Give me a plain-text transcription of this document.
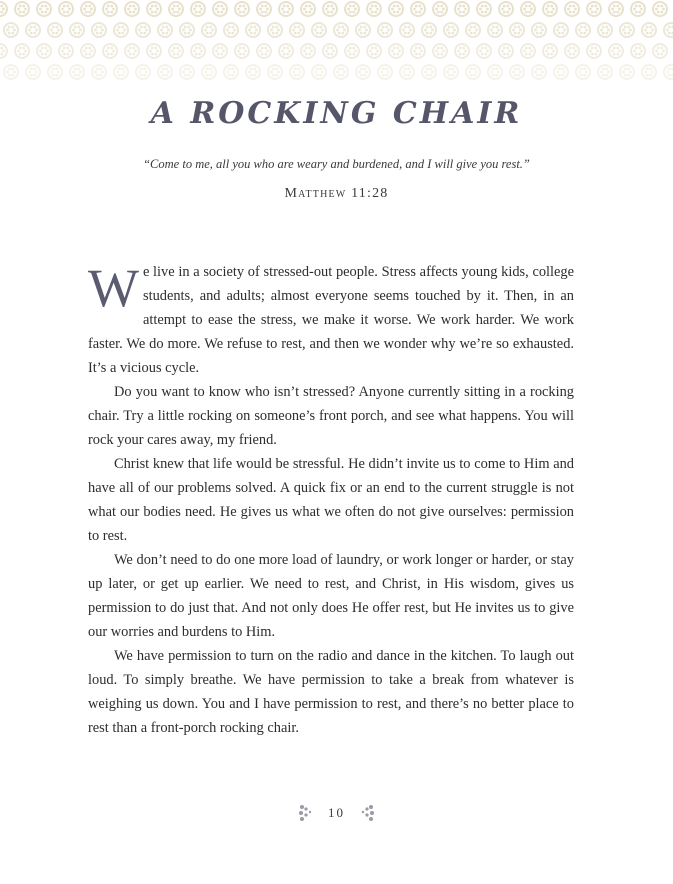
A ROCKING CHAIR
“Come to me, all you who are weary and burdened, and I will give you rest.”
Matthew 11:28

We live in a society of stressed-out people. Stress affects young kids, college students, and adults; almost everyone seems touched by it. Then, in an attempt to ease the stress, we make it worse. We work harder. We work faster. We do more. We refuse to rest, and then we wonder why we’re so exhausted. It’s a vicious cycle.

Do you want to know who isn’t stressed? Anyone currently sitting in a rocking chair. Try a little rocking on someone’s front porch, and see what happens. You will rock your cares away, my friend.

Christ knew that life would be stressful. He didn’t invite us to come to Him and have all of our problems solved. A quick fix or an end to the current struggle is not what our bodies need. He gives us what we often do not give ourselves: permission to rest.

We don’t need to do one more load of laundry, or work longer or harder, or stay up later, or get up earlier. We need to rest, and Christ, in His wisdom, gives us permission to do just that. And not only does He offer rest, but He invites us to give our worries and burdens to Him.

We have permission to turn on the radio and dance in the kitchen. To laugh out loud. To simply breathe. We have permission to take a break from whatever is weighing us down. You and I have permission to rest, and there’s no better place to rest than a front-porch rocking chair.

10
